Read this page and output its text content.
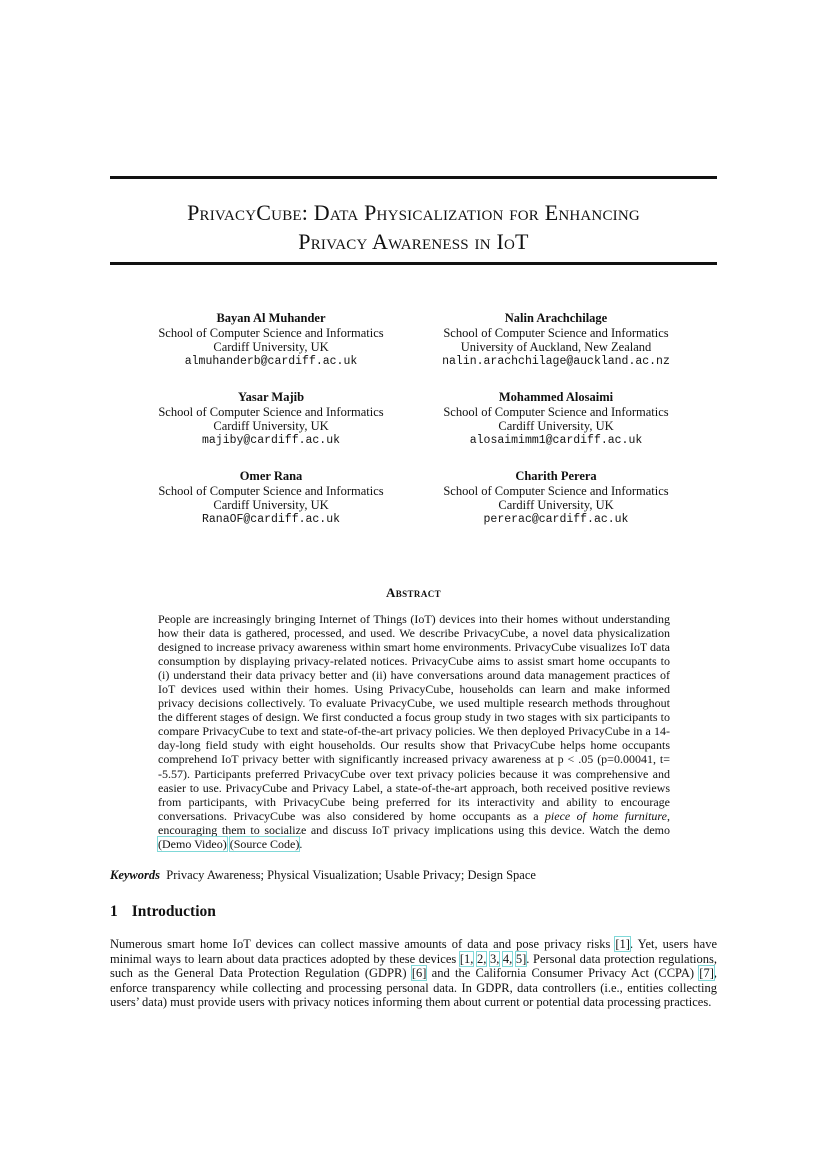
PrivacyCube: Data Physicalization for Enhancing
Privacy Awareness in IoT
Bayan Al Muhander
School of Computer Science and Informatics
Cardiff University, UK
almuhanderb@cardiff.ac.uk
Nalin Arachchilage
School of Computer Science and Informatics
University of Auckland, New Zealand
nalin.arachchilage@auckland.ac.nz
Yasar Majib
School of Computer Science and Informatics
Cardiff University, UK
majiby@cardiff.ac.uk
Mohammed Alosaimi
School of Computer Science and Informatics
Cardiff University, UK
alosaimimm1@cardiff.ac.uk
Omer Rana
School of Computer Science and Informatics
Cardiff University, UK
RanaOF@cardiff.ac.uk
Charith Perera
School of Computer Science and Informatics
Cardiff University, UK
pererac@cardiff.ac.uk
Abstract

People are increasingly bringing Internet of Things (IoT) devices into their homes without understanding how their data is gathered, processed, and used. We describe PrivacyCube, a novel data physicalization designed to increase privacy awareness within smart home environments. PrivacyCube visualizes IoT data consumption by displaying privacy-related notices. PrivacyCube aims to assist smart home occupants to (i) understand their data privacy better and (ii) have conversations around data management practices of IoT devices used within their homes. Using PrivacyCube, households can learn and make informed privacy decisions collectively. To evaluate PrivacyCube, we used multiple research methods throughout the different stages of design. We first conducted a focus group study in two stages with six participants to compare PrivacyCube to text and state-of-the-art privacy policies. We then deployed PrivacyCube in a 14-day-long field study with eight households. Our results show that PrivacyCube helps home occupants comprehend IoT privacy better with significantly increased privacy awareness at p < .05 (p=0.00041, t= -5.57). Participants preferred PrivacyCube over text privacy policies because it was comprehensive and easier to use. PrivacyCube and Privacy Label, a state-of-the-art approach, both received positive reviews from participants, with PrivacyCube being preferred for its interactivity and ability to encourage conversations. PrivacyCube was also considered by home occupants as a piece of home furniture, encouraging them to socialize and discuss IoT privacy implications using this device. Watch the demo (Demo Video) (Source Code).

Keywords Privacy Awareness; Physical Visualization; Usable Privacy; Design Space

1 Introduction

Numerous smart home IoT devices can collect massive amounts of data and pose privacy risks [1]. Yet, users have minimal ways to learn about data practices adopted by these devices [1, 2, 3, 4, 5]. Personal data protection regulations, such as the General Data Protection Regulation (GDPR) [6] and the California Consumer Privacy Act (CCPA) [7], enforce transparency while collecting and processing personal data. In GDPR, data controllers (i.e., entities collecting users’ data) must provide users with privacy notices informing them about current or potential data processing practices.
